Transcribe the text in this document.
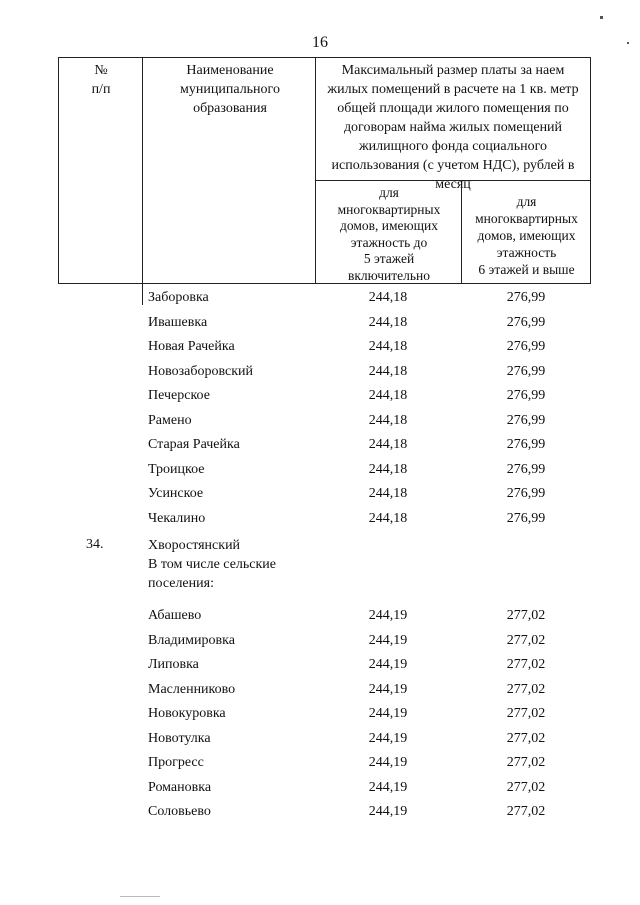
16
№
п/п
Наименование
муниципального
образования
Максимальный размер платы за наем жилых помещений в расчете на 1 кв. метр общей площади жилого помещения по договорам найма жилых помещений жилищного фонда социального использования (с учетом НДС), рублей в месяц
для
многоквартирных
домов, имеющих
этажность до
5 этажей
включительно
для
многоквартирных
домов, имеющих
этажность
6 этажей и выше
Заборовка	244,18	276,99
Ивашевка	244,18	276,99
Новая Рачейка	244,18	276,99
Новозаборовский	244,18	276,99
Печерское	244,18	276,99
Рамено	244,18	276,99
Старая Рачейка	244,18	276,99
Троицкое	244,18	276,99
Усинское	244,18	276,99
Чекалино	244,18	276,99
34.	Хворостянский
В том числе сельские поселения:
Абашево	244,19	277,02
Владимировка	244,19	277,02
Липовка	244,19	277,02
Масленниково	244,19	277,02
Новокуровка	244,19	277,02
Новотулка	244,19	277,02
Прогресс	244,19	277,02
Романовка	244,19	277,02
Соловьево	244,19	277,02
